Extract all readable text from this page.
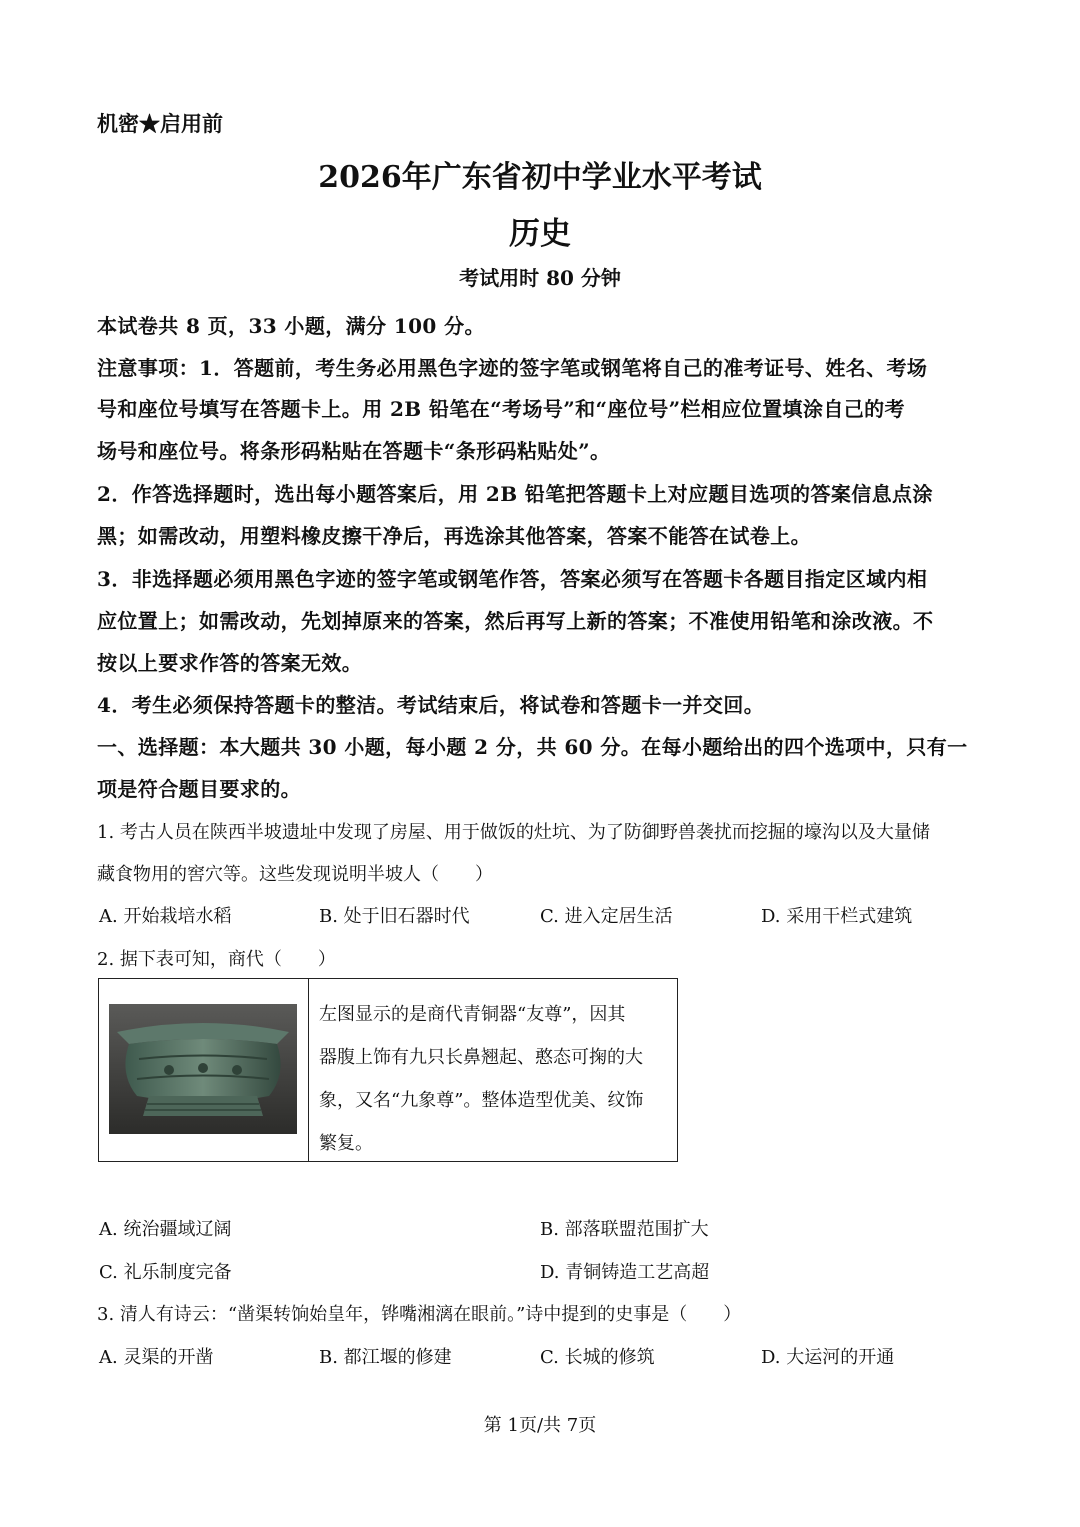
机密★启用前
2026年广东省初中学业水平考试
历史
考试用时 80 分钟
本试卷共 8 页，33 小题，满分 100 分。
注意事项：1．答题前，考生务必用黑色字迹的签字笔或钢笔将自己的准考证号、姓名、考场
号和座位号填写在答题卡上。用 2B 铅笔在“考场号”和“座位号”栏相应位置填涂自己的考
场号和座位号。将条形码粘贴在答题卡“条形码粘贴处”。
2．作答选择题时，选出每小题答案后，用 2B 铅笔把答题卡上对应题目选项的答案信息点涂
黑；如需改动，用塑料橡皮擦干净后，再选涂其他答案，答案不能答在试卷上。
3．非选择题必须用黑色字迹的签字笔或钢笔作答，答案必须写在答题卡各题目指定区域内相
应位置上；如需改动，先划掉原来的答案，然后再写上新的答案；不准使用铅笔和涂改液。不
按以上要求作答的答案无效。
4．考生必须保持答题卡的整洁。考试结束后，将试卷和答题卡一并交回。
一、选择题：本大题共 30 小题，每小题 2 分，共 60 分。在每小题给出的四个选项中，只有一
项是符合题目要求的。
1. 考古人员在陕西半坡遗址中发现了房屋、用于做饭的灶坑、为了防御野兽袭扰而挖掘的壕沟以及大量储
藏食物用的窖穴等。这些发现说明半坡人（　　）
A. 开始栽培水稻	B. 处于旧石器时代	C. 进入定居生活	D. 采用干栏式建筑
2. 据下表可知，商代（　　）
左图显示的是商代青铜器“友尊”，因其
器腹上饰有九只长鼻翘起、憨态可掬的大
象，又名“九象尊”。整体造型优美、纹饰
繁复。
A. 统治疆域辽阔	B. 部落联盟范围扩大
C. 礼乐制度完备	D. 青铜铸造工艺高超
3. 清人有诗云：“凿渠转饷始皇年，铧嘴湘漓在眼前。”诗中提到的史事是（　　）
A. 灵渠的开凿	B. 都江堰的修建	C. 长城的修筑	D. 大运河的开通
第 1页/共 7页
